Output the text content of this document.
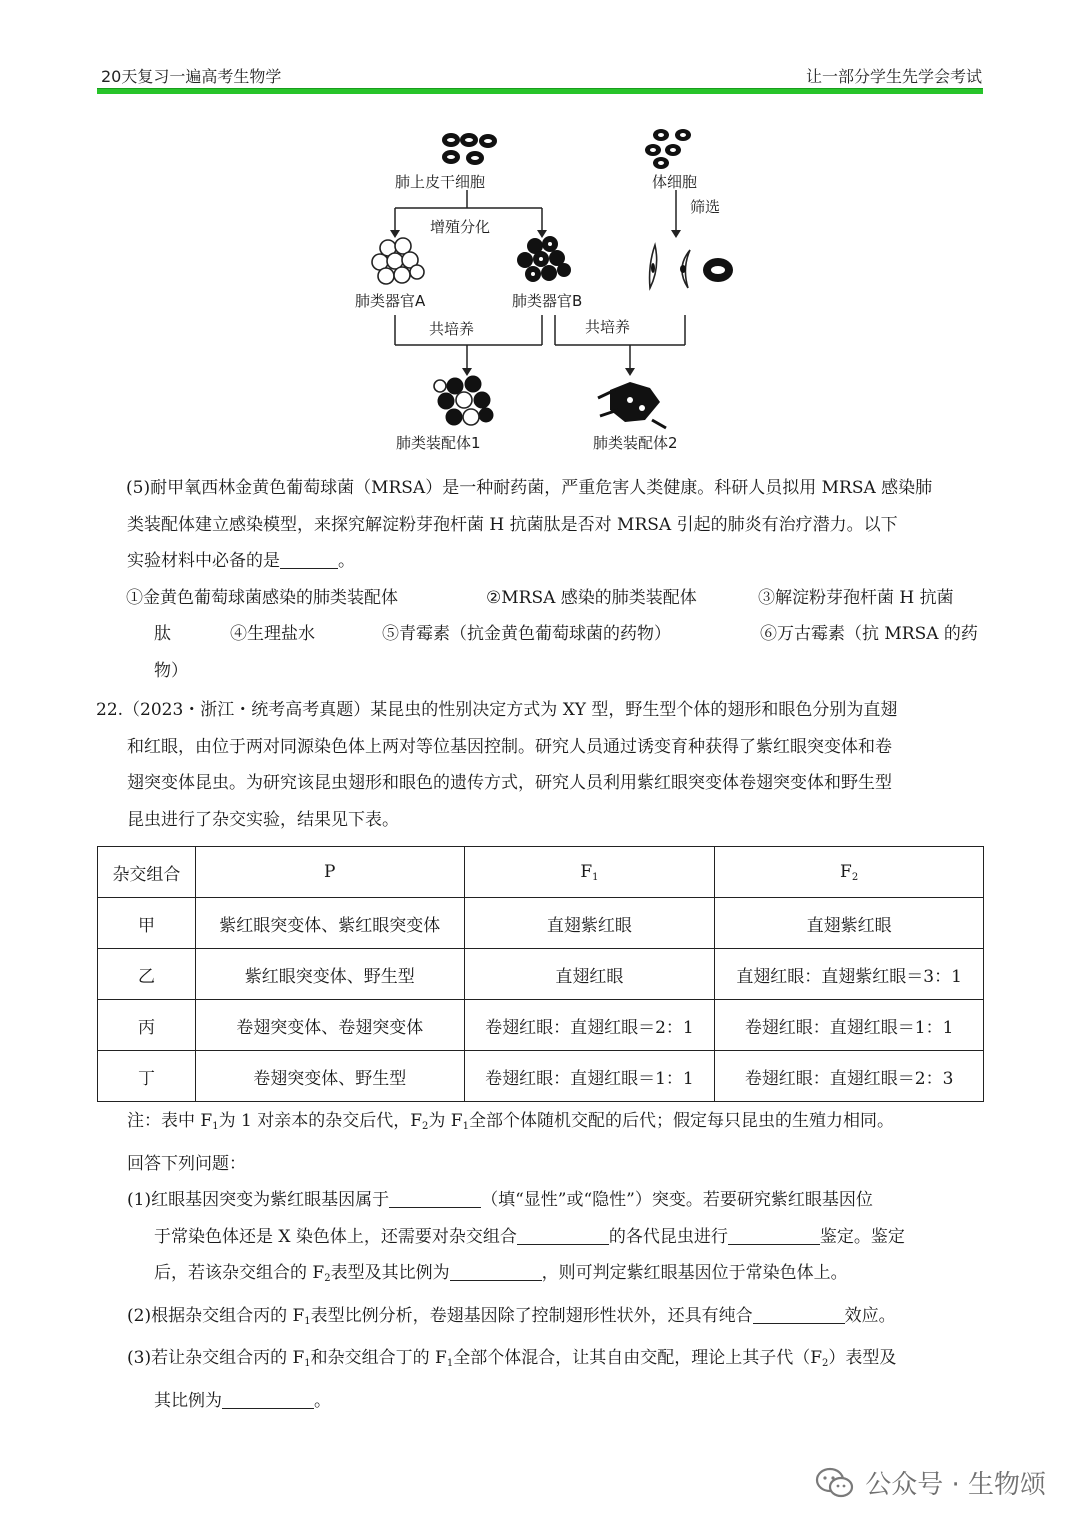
20天复习一遍高考生物学	让一部分学生先学会考试
肺上皮干细胞	体细胞
筛选
增殖分化
肺类器官A	肺类器官B
共培养	共培养
肺类装配体1	肺类装配体2

(5)耐甲氧西林金黄色葡萄球菌（MRSA）是一种耐药菌，严重危害人类健康。科研人员拟用 MRSA 感染肺

类装配体建立感染模型，来探究解淀粉芽孢杆菌 H 抗菌肽是否对 MRSA 引起的肺炎有治疗潜力。以下

实验材料中必备的是	。

①金黄色葡萄球菌感染的肺类装配体	②MRSA 感染的肺类装配体	③解淀粉芽孢杆菌 H 抗菌

肽	④生理盐水	⑤青霉素（抗金黄色葡萄球菌的药物）	⑥万古霉素（抗 MRSA 的药

物）

22.（2023・浙江・统考高考真题）某昆虫的性别决定方式为 XY 型，野生型个体的翅形和眼色分别为直翅

和红眼，由位于两对同源染色体上两对等位基因控制。研究人员通过诱变育种获得了紫红眼突变体和卷

翅突变体昆虫。为研究该昆虫翅形和眼色的遗传方式，研究人员利用紫红眼突变体卷翅突变体和野生型

昆虫进行了杂交实验，结果见下表。

杂交组合	P	$F_1$	$F_2$
甲	紫红眼突变体、紫红眼突变体	直翅紫红眼	直翅紫红眼
乙	紫红眼突变体、野生型	直翅红眼	直翅红眼：直翅紫红眼＝3：1
丙	卷翅突变体、卷翅突变体	卷翅红眼：直翅红眼＝2：1	卷翅红眼：直翅红眼＝1：1
丁	卷翅突变体、野生型	卷翅红眼：直翅红眼＝1：1	卷翅红眼：直翅红眼＝2：3

注：表中 $F_1$为 1 对亲本的杂交后代，$F_2$为 $F_1$全部个体随机交配的后代；假定每只昆虫的生殖力相同。

回答下列问题：

(1)红眼基因突变为紫红眼基因属于	（填“显性”或“隐性”）突变。若要研究紫红眼基因位

于常染色体还是 X 染色体上，还需要对杂交组合	的各代昆虫进行	鉴定。鉴定

后，若该杂交组合的 $F_2$表型及其比例为	，则可判定紫红眼基因位于常染色体上。

(2)根据杂交组合丙的 $F_1$表型比例分析，卷翅基因除了控制翅形性状外，还具有纯合	效应。

(3)若让杂交组合丙的 $F_1$和杂交组合丁的 $F_1$全部个体混合，让其自由交配，理论上其子代$(F_2)$表型及

其比例为	。

公众号 · 生物颂
